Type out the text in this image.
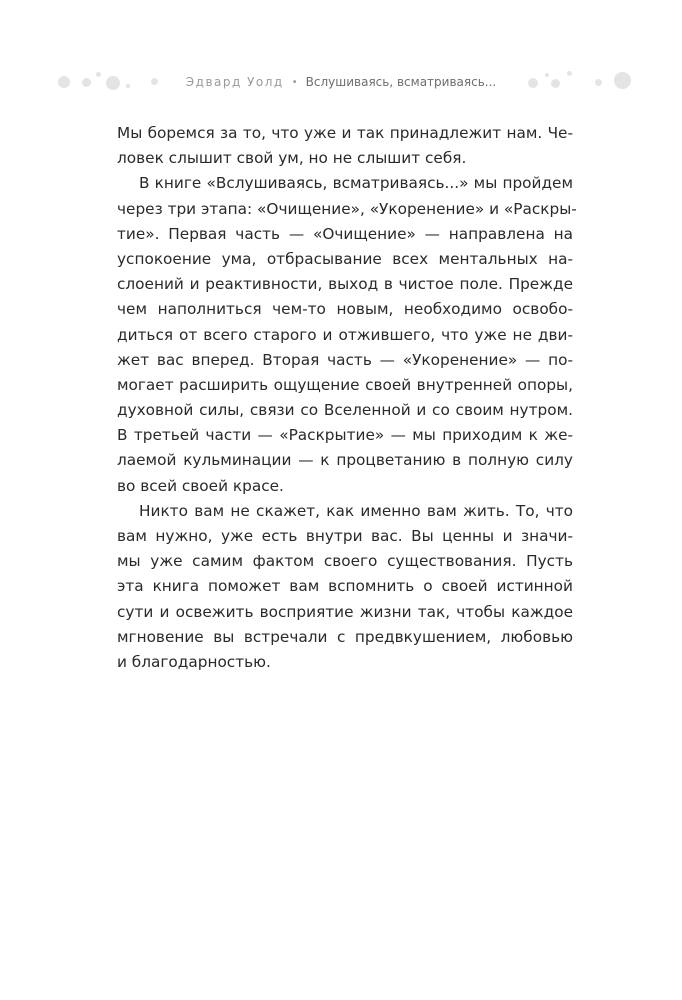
Эдвард Уолд • Вслушиваясь, всматриваясь...
Мы боремся за то, что уже и так принадлежит нам. Че-
ловек слышит свой ум, но не слышит себя.
В книге «Вслушиваясь, всматриваясь...» мы пройдем
через три этапа: «Очищение», «Укоренение» и «Раскры-
тие». Первая часть — «Очищение» — направлена на
успокоение ума, отбрасывание всех ментальных на-
слоений и реактивности, выход в чистое поле. Прежде
чем наполниться чем-то новым, необходимо освобо-
диться от всего старого и отжившего, что уже не дви-
жет вас вперед. Вторая часть — «Укоренение» — по-
могает расширить ощущение своей внутренней опоры,
духовной силы, связи со Вселенной и со своим нутром.
В третьей части — «Раскрытие» — мы приходим к же-
лаемой кульминации — к процветанию в полную силу
во всей своей красе.
Никто вам не скажет, как именно вам жить. То, что
вам нужно, уже есть внутри вас. Вы ценны и значи-
мы уже самим фактом своего существования. Пусть
эта книга поможет вам вспомнить о своей истинной
сути и освежить восприятие жизни так, чтобы каждое
мгновение вы встречали с предвкушением, любовью
и благодарностью.
